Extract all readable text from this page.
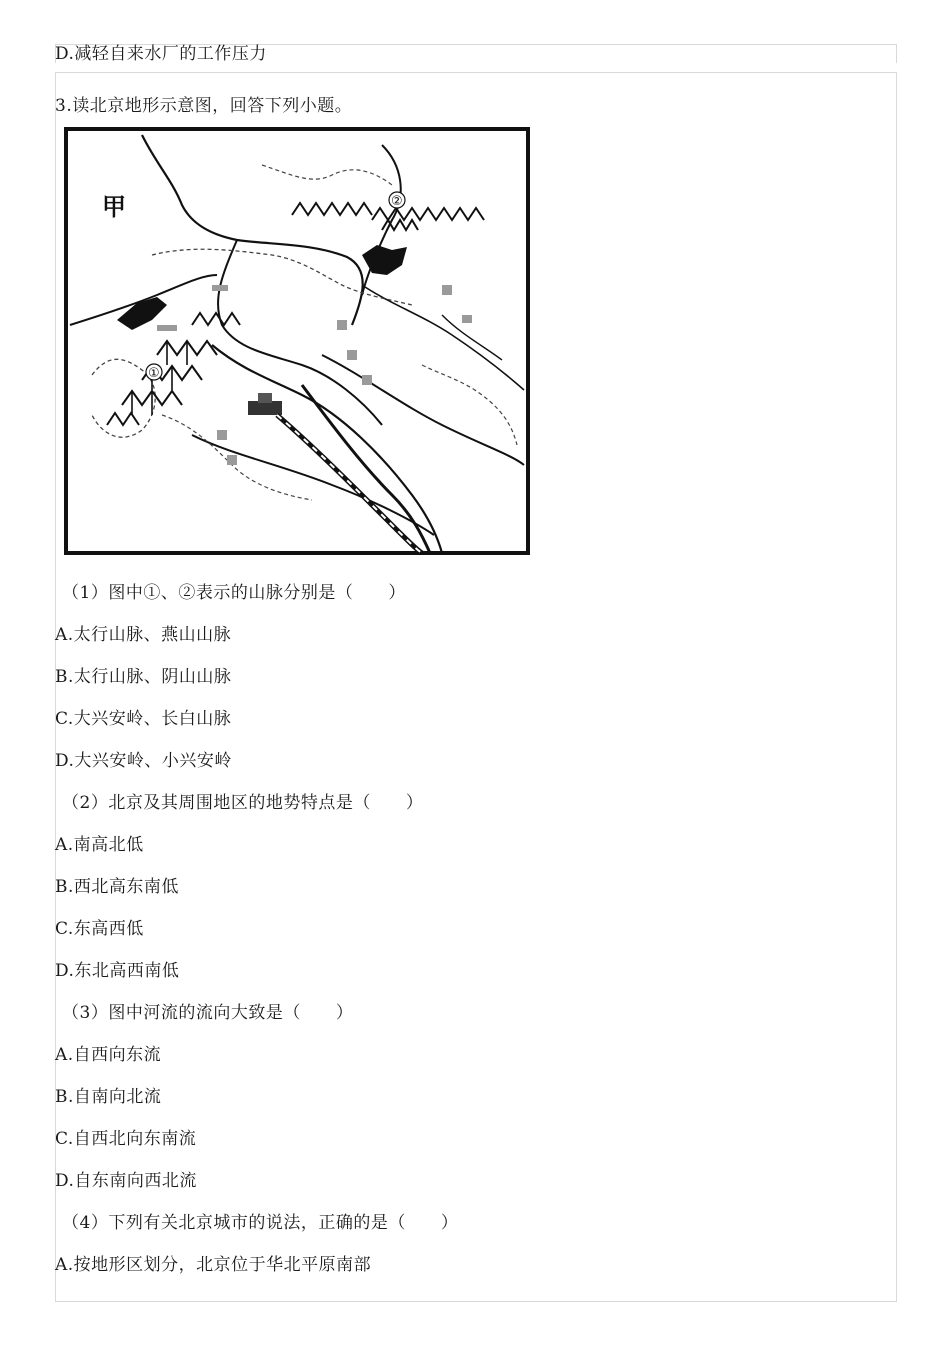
D.减轻自来水厂的工作压力
3.读北京地形示意图，回答下列小题。
甲
①
②
（1）图中①、②表示的山脉分别是（　　）
A.太行山脉、燕山山脉
B.太行山脉、阴山山脉
C.大兴安岭、长白山脉
D.大兴安岭、小兴安岭
（2）北京及其周围地区的地势特点是（　　）
A.南高北低
B.西北高东南低
C.东高西低
D.东北高西南低
（3）图中河流的流向大致是（　　）
A.自西向东流
B.自南向北流
C.自西北向东南流
D.自东南向西北流
（4）下列有关北京城市的说法，正确的是（　　）
A.按地形区划分，北京位于华北平原南部
